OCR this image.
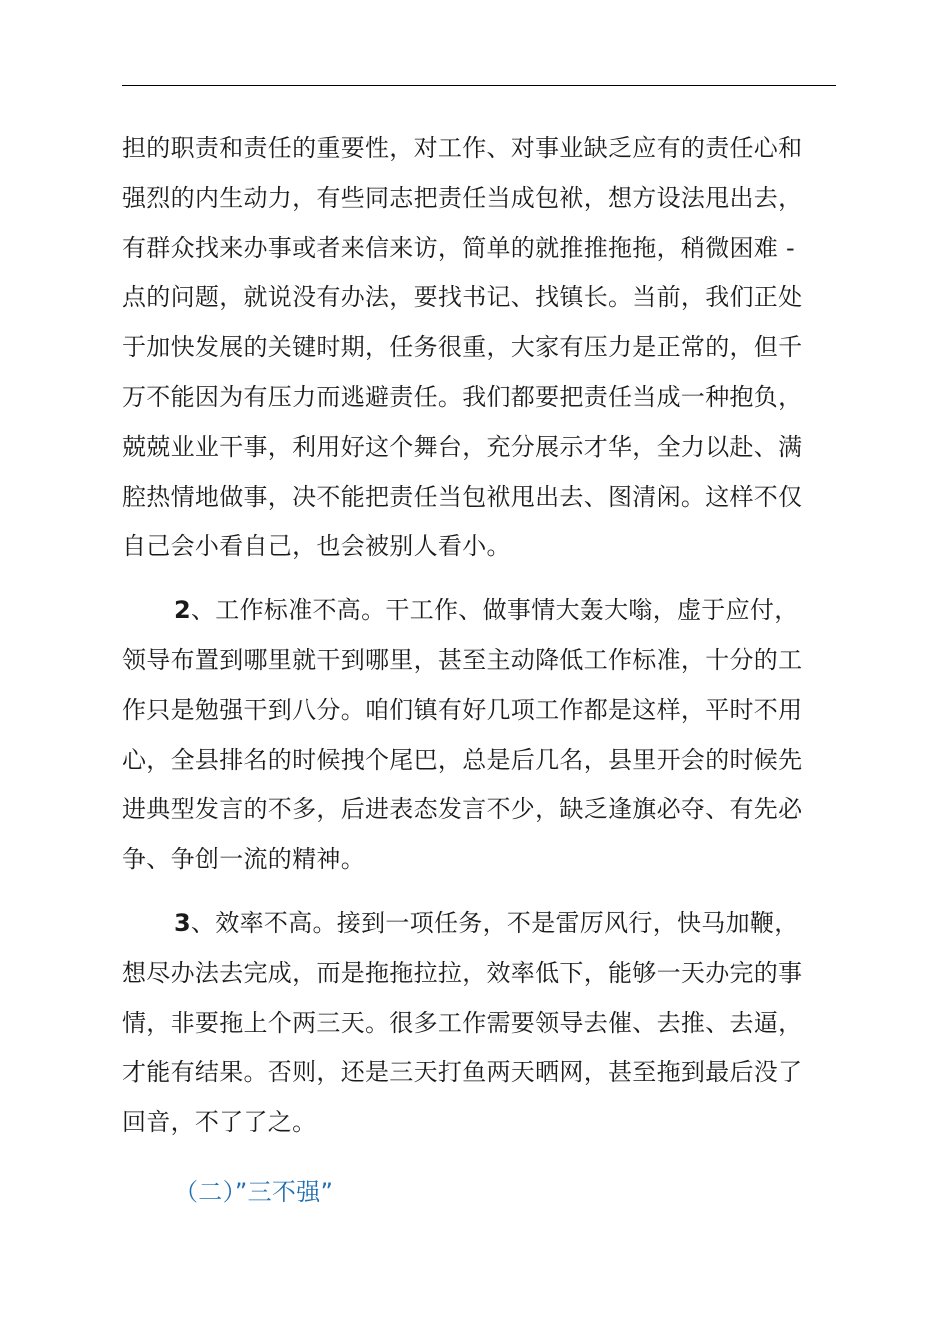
担的职责和责任的重要性，对工作、对事业缺乏应有的责任心和
强烈的内生动力，有些同志把责任当成包袱，想方设法甩出去，
有群众找来办事或者来信来访，简单的就推推拖拖，稍微困难 -
点的问题，就说没有办法，要找书记、找镇长。当前，我们正处
于加快发展的关键时期，任务很重，大家有压力是正常的，但千
万不能因为有压力而逃避责任。我们都要把责任当成一种抱负，
兢兢业业干事，利用好这个舞台，充分展示才华，全力以赴、满
腔热情地做事，决不能把责任当包袱甩出去、图清闲。这样不仅
自己会小看自己，也会被别人看小。
2、工作标准不高。干工作、做事情大轰大嗡，虚于应付，
领导布置到哪里就干到哪里，甚至主动降低工作标准，十分的工
作只是勉强干到八分。咱们镇有好几项工作都是这样，平时不用
心，全县排名的时候拽个尾巴，总是后几名，县里开会的时候先
进典型发言的不多，后进表态发言不少，缺乏逢旗必夺、有先必
争、争创一流的精神。
3、效率不高。接到一项任务，不是雷厉风行，快马加鞭，
想尽办法去完成，而是拖拖拉拉，效率低下，能够一天办完的事
情，非要拖上个两三天。很多工作需要领导去催、去推、去逼，
才能有结果。否则，还是三天打鱼两天晒网，甚至拖到最后没了
回音，不了了之。
（二）”三不强”
